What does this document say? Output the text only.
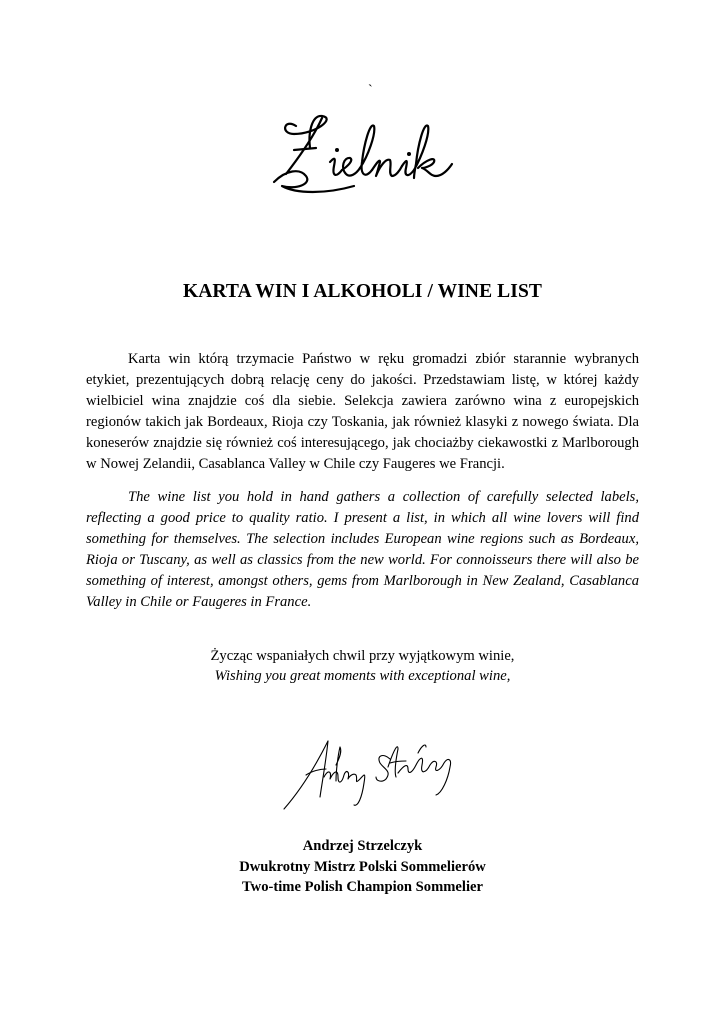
`
KARTA WIN I ALKOHOLI / WINE LIST

Karta win którą trzymacie Państwo w ręku gromadzi zbiór starannie wybranych etykiet, prezentujących dobrą relację ceny do jakości. Przedstawiam listę, w której każdy wielbiciel wina znajdzie coś dla siebie. Selekcja zawiera zarówno wina z europejskich regionów takich jak Bordeaux, Rioja czy Toskania, jak również klasyki z nowego świata. Dla koneserów znajdzie się również coś interesującego, jak chociażby ciekawostki z Marlborough w Nowej Zelandii, Casablanca Valley w Chile czy Faugeres we Francji.

The wine list you hold in hand gathers a collection of carefully selected labels, reflecting a good price to quality ratio. I present a list, in which all wine lovers will find something for themselves. The selection includes European wine regions such as Bordeaux, Rioja or Tuscany, as well as classics from the new world. For connoisseurs there will also be something of interest, amongst others, gems from Marlborough in New Zealand, Casablanca Valley in Chile or Faugeres in France.

Życząc wspaniałych chwil przy wyjątkowym winie,
Wishing you great moments with exceptional wine,
Andrzej Strzelczyk
Dwukrotny Mistrz Polski Sommelierów
Two-time Polish Champion Sommelier
